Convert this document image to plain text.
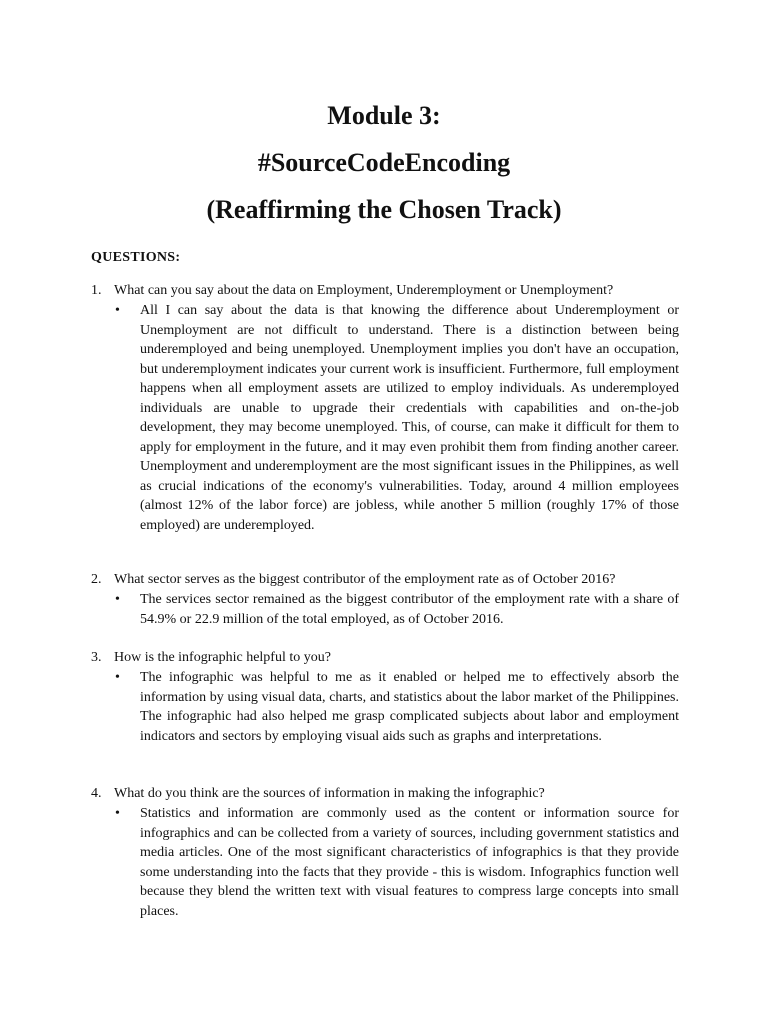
Module 3:

#SourceCodeEncoding

(Reaffirming the Chosen Track)

QUESTIONS:

1. What can you say about the data on Employment, Underemployment or Unemployment?
• All I can say about the data is that knowing the difference about Underemployment or Unemployment are not difficult to understand. There is a distinction between being underemployed and being unemployed. Unemployment implies you don't have an occupation, but underemployment indicates your current work is insufficient. Furthermore, full employment happens when all employment assets are utilized to employ individuals. As underemployed individuals are unable to upgrade their credentials with capabilities and on-the-job development, they may become unemployed. This, of course, can make it difficult for them to apply for employment in the future, and it may even prohibit them from finding another career. Unemployment and underemployment are the most significant issues in the Philippines, as well as crucial indications of the economy's vulnerabilities. Today, around 4 million employees (almost 12% of the labor force) are jobless, while another 5 million (roughly 17% of those employed) are underemployed.

2. What sector serves as the biggest contributor of the employment rate as of October 2016?
• The services sector remained as the biggest contributor of the employment rate with a share of 54.9% or 22.9 million of the total employed, as of October 2016.

3. How is the infographic helpful to you?
• The infographic was helpful to me as it enabled or helped me to effectively absorb the information by using visual data, charts, and statistics about the labor market of the Philippines. The infographic had also helped me grasp complicated subjects about labor and employment indicators and sectors by employing visual aids such as graphs and interpretations.

4. What do you think are the sources of information in making the infographic?
• Statistics and information are commonly used as the content or information source for infographics and can be collected from a variety of sources, including government statistics and media articles. One of the most significant characteristics of infographics is that they provide some understanding into the facts that they provide - this is wisdom. Infographics function well because they blend the written text with visual features to compress large concepts into small places.
